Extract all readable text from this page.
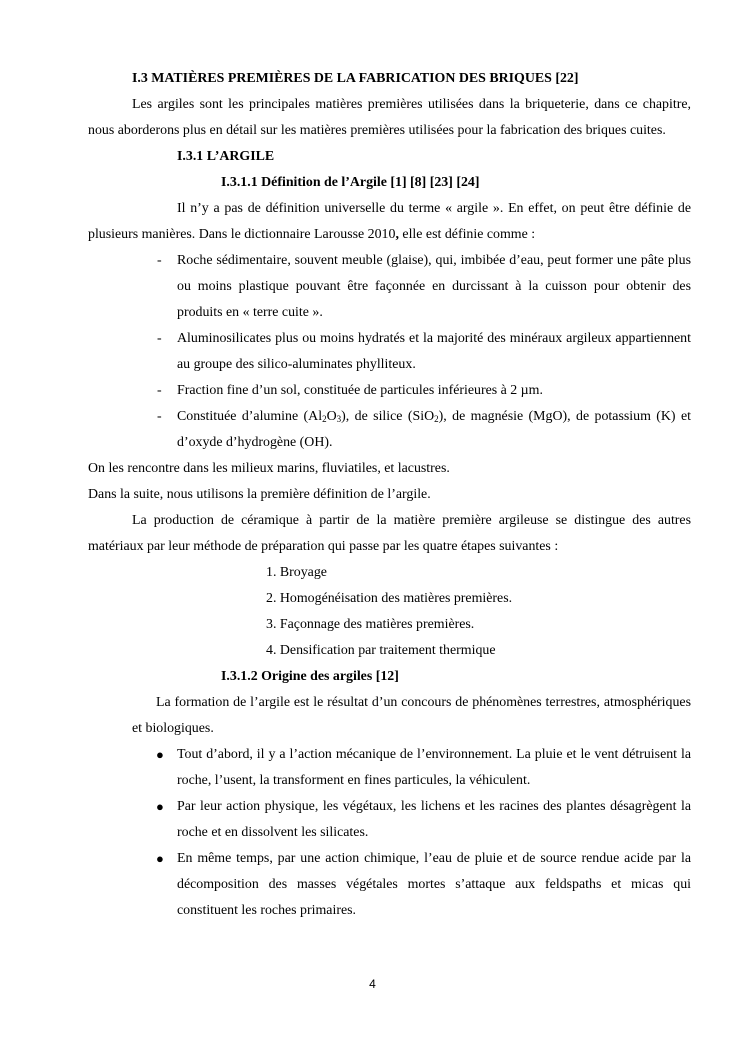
I.3 MATIÈRES PREMIÈRES DE LA FABRICATION DES BRIQUES [22]

Les argiles sont les principales matières premières utilisées dans la briqueterie, dans ce chapitre, nous aborderons plus en détail sur les matières premières utilisées pour la fabrication des briques cuites.

I.3.1 L’ARGILE

I.3.1.1 Définition de l’Argile [1] [8] [23] [24]

Il n’y a pas de définition universelle du terme « argile ». En effet, on peut être définie de plusieurs manières. Dans le dictionnaire Larousse 2010, elle est définie comme :

- Roche sédimentaire, souvent meuble (glaise), qui, imbibée d’eau, peut former une pâte plus ou moins plastique pouvant être façonnée en durcissant à la cuisson pour obtenir des produits en « terre cuite ».
- Aluminosilicates plus ou moins hydratés et la majorité des minéraux argileux appartiennent au groupe des silico-aluminates phylliteux.
- Fraction fine d’un sol, constituée de particules inférieures à 2 µm.
- Constituée d’alumine $(Al_2O_3)$, de silice (SiO$_2$), de magnésie (MgO), de potassium (K) et d’oxyde d’hydrogène (OH).

On les rencontre dans les milieux marins, fluviatiles, et lacustres.

Dans la suite, nous utilisons la première définition de l’argile.

La production de céramique à partir de la matière première argileuse se distingue des autres matériaux par leur méthode de préparation qui passe par les quatre étapes suivantes :

1. Broyage
2. Homogénéisation des matières premières.
3. Façonnage des matières premières.
4. Densification par traitement thermique

I.3.1.2 Origine des argiles [12]

La formation de l’argile est le résultat d’un concours de phénomènes terrestres, atmosphériques et biologiques.

● Tout d’abord, il y a l’action mécanique de l’environnement. La pluie et le vent détruisent la roche, l’usent, la transforment en fines particules, la véhiculent.
● Par leur action physique, les végétaux, les lichens et les racines des plantes désagrègent la roche et en dissolvent les silicates.
● En même temps, par une action chimique, l’eau de pluie et de source rendue acide par la décomposition des masses végétales mortes s’attaque aux feldspaths et micas qui constituent les roches primaires.
4
